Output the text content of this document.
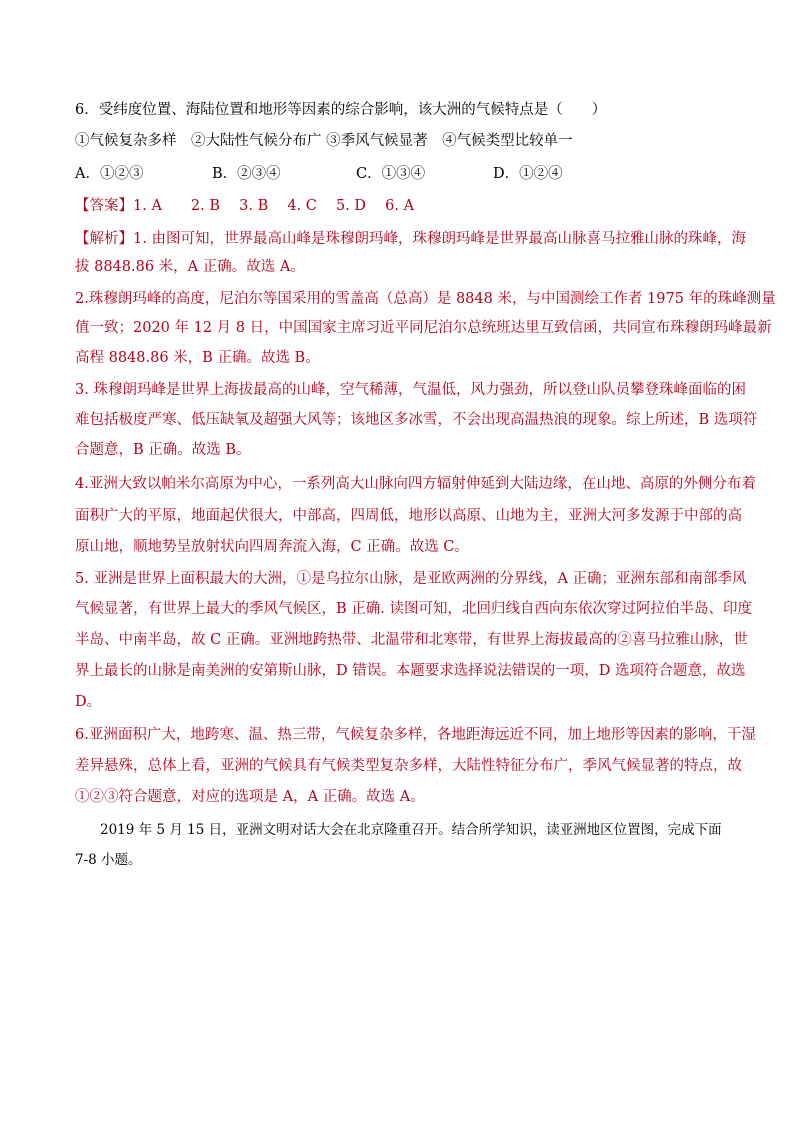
6．受纬度位置、海陆位置和地形等因素的综合影响，该大洲的气候特点是（　　）
①气候复杂多样　②大陆性气候分布广 ③季风气候显著　④气候类型比较单一
A．①②③	B．②③④	C．①③④	D．①②④
【答案】1. A　　2. B　 3. B　 4. C　 5. D　 6. A
【解析】1. 由图可知，世界最高山峰是珠穆朗玛峰，珠穆朗玛峰是世界最高山脉喜马拉雅山脉的珠峰，海
拔 8848.86 米，A 正确。故选 A。
2.珠穆朗玛峰的高度，尼泊尔等国采用的雪盖高（总高）是 8848 米，与中国测绘工作者 1975 年的珠峰测量
值一致；2020 年 12 月 8 日，中国国家主席习近平同尼泊尔总统班达里互致信函，共同宣布珠穆朗玛峰最新
高程 8848.86 米，B 正确。故选 B。
3. 珠穆朗玛峰是世界上海拔最高的山峰，空气稀薄，气温低，风力强劲，所以登山队员攀登珠峰面临的困
难包括极度严寒、低压缺氧及超强大风等；该地区多冰雪，不会出现高温热浪的现象。综上所述，B 选项符
合题意，B 正确。故选 B。
4.亚洲大致以帕米尔高原为中心，一系列高大山脉向四方辐射伸延到大陆边缘，在山地、高原的外侧分布着
面积广大的平原，地面起伏很大，中部高，四周低，地形以高原、山地为主，亚洲大河多发源于中部的高
原山地，顺地势呈放射状向四周奔流入海，C 正确。故选 C。
5. 亚洲是世界上面积最大的大洲，①是乌拉尔山脉，是亚欧两洲的分界线，A 正确；亚洲东部和南部季风
气候显著，有世界上最大的季风气候区，B 正确. 读图可知，北回归线自西向东依次穿过阿拉伯半岛、印度
半岛、中南半岛，故 C 正确。亚洲地跨热带、北温带和北寒带，有世界上海拔最高的②喜马拉雅山脉，世
界上最长的山脉是南美洲的安第斯山脉，D 错误。本题要求选择说法错误的一项，D 选项符合题意，故选
D。
6.亚洲面积广大，地跨寒、温、热三带，气候复杂多样，各地距海远近不同，加上地形等因素的影响，干湿
差异悬殊，总体上看，亚洲的气候具有气候类型复杂多样，大陆性特征分布广，季风气候显著的特点，故
①②③符合题意，对应的选项是 A，A 正确。故选 A。
2019 年 5 月 15 日，亚洲文明对话大会在北京隆重召开。结合所学知识，读亚洲地区位置图，完成下面
7-8 小题。
